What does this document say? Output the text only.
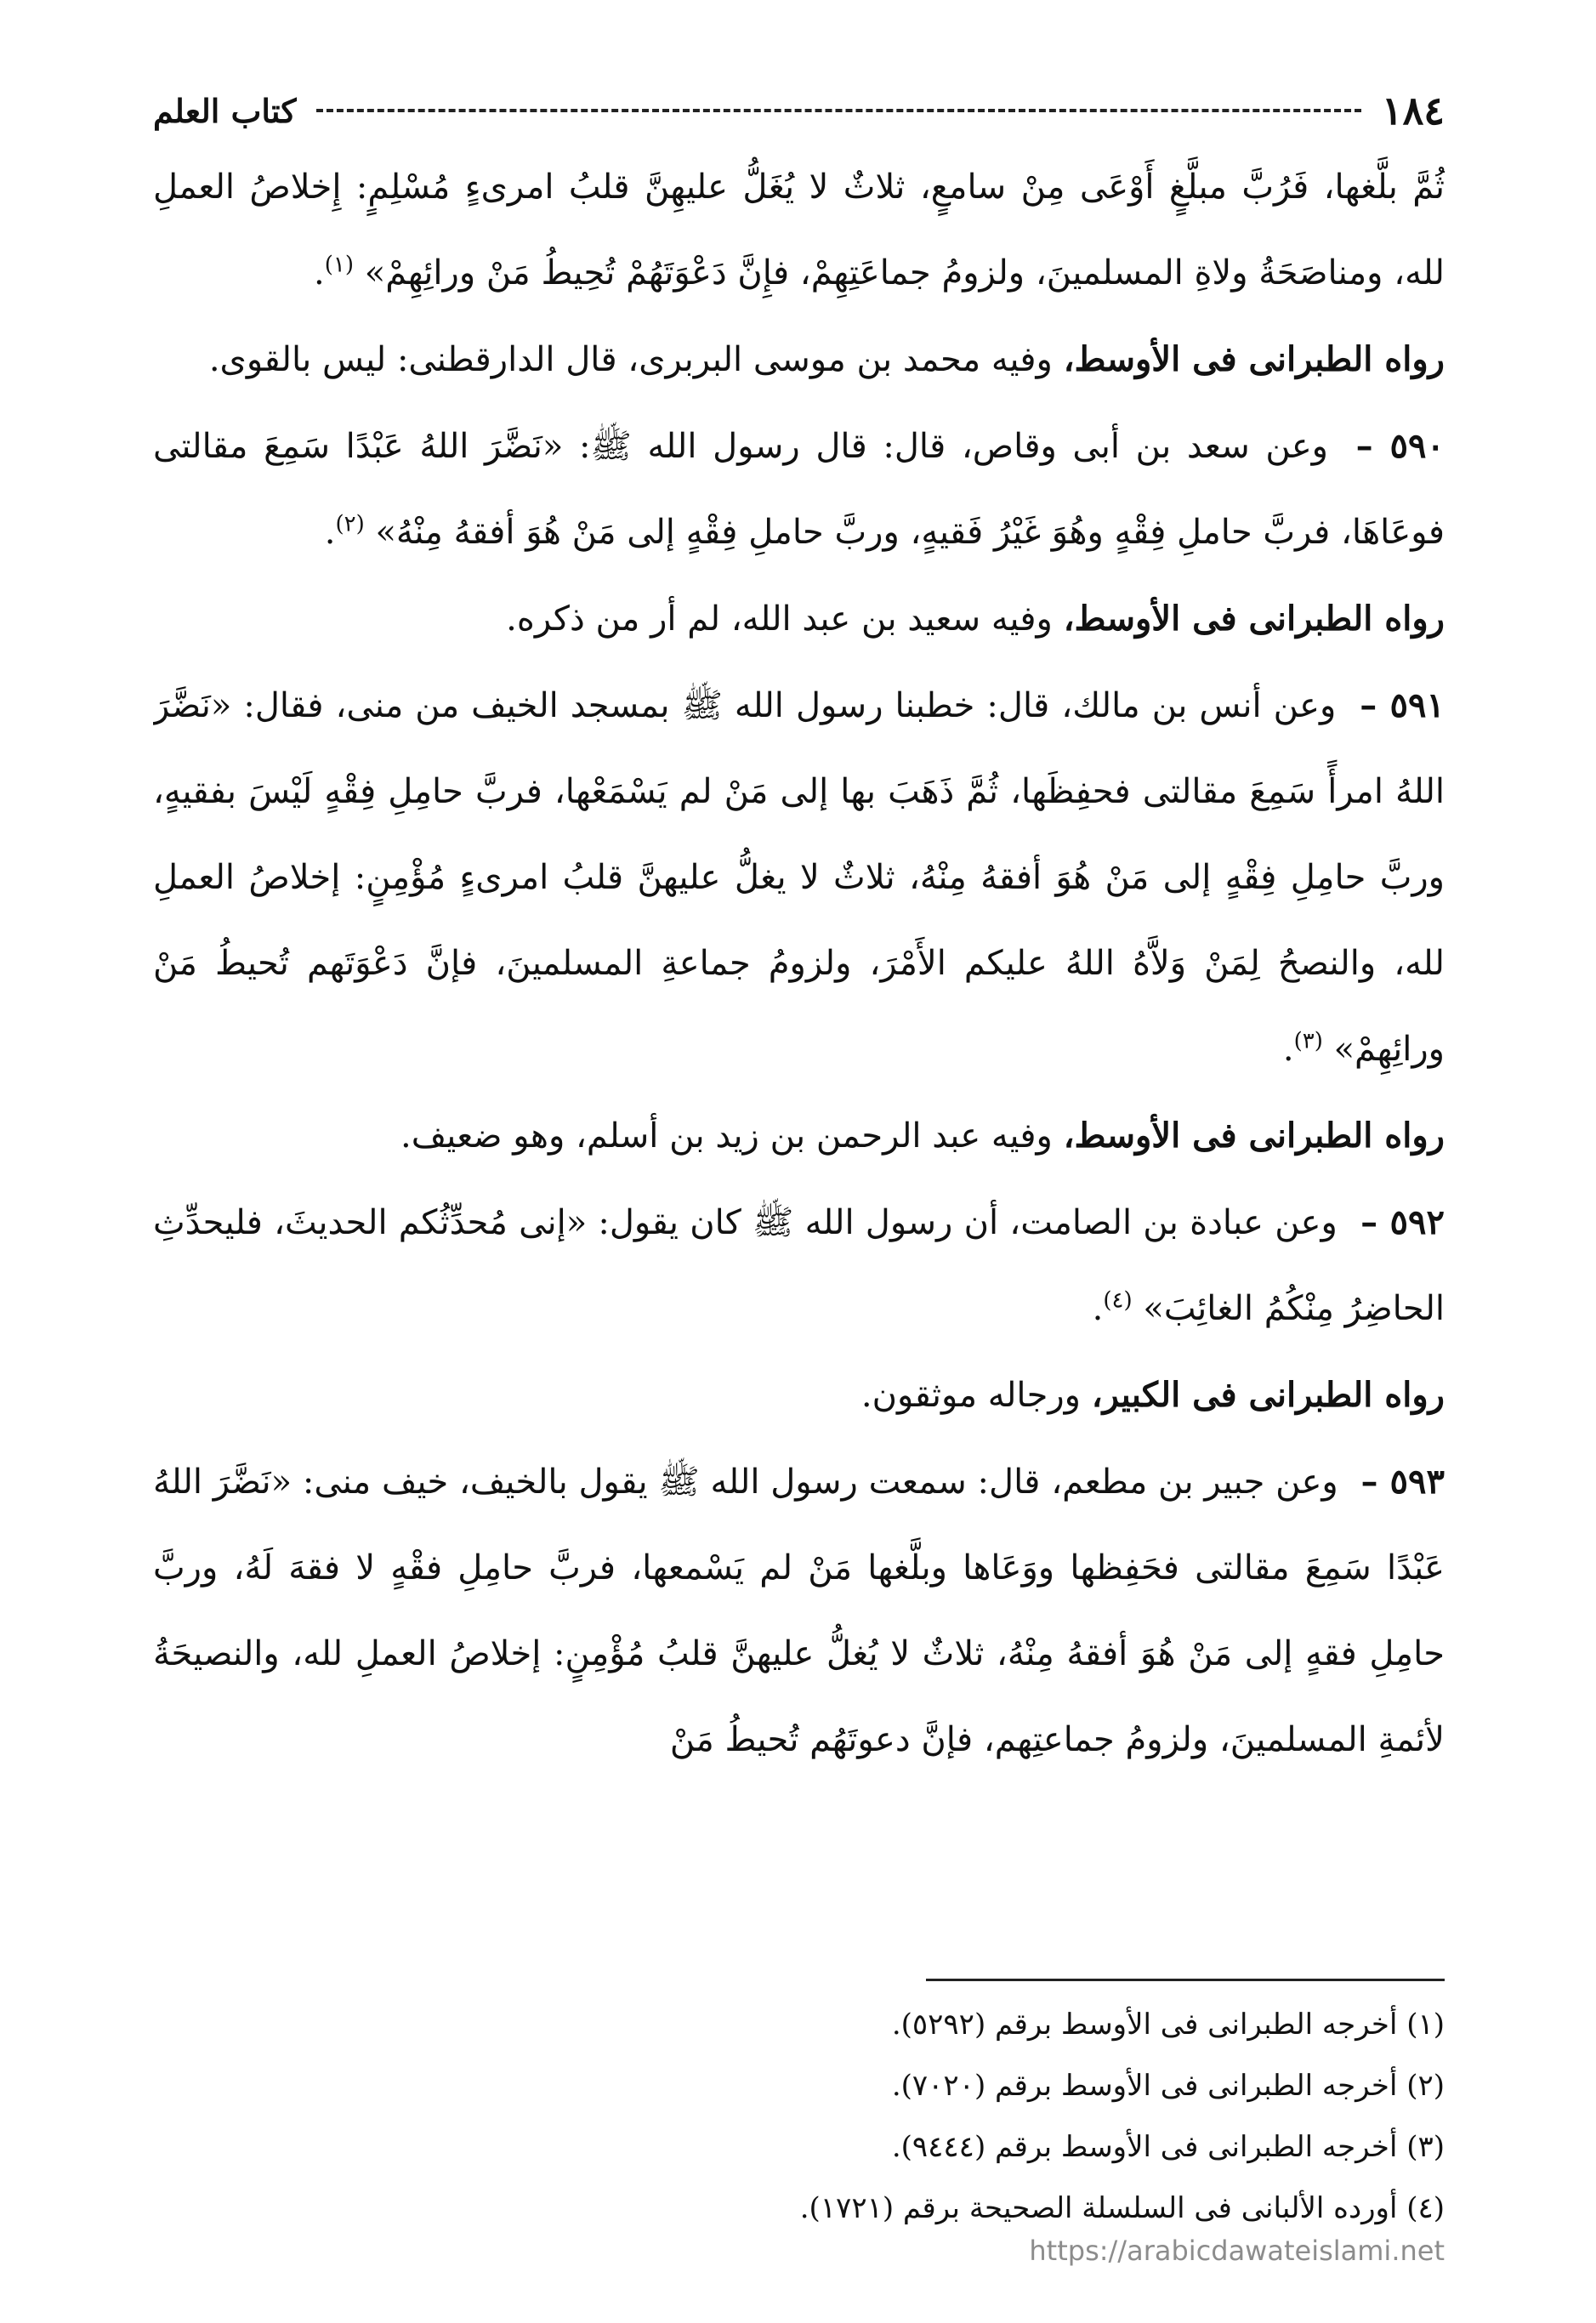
١٨٤
كتاب العلم

ثُمَّ بلَّغها، فَرُبَّ مبلَّغٍ أَوْعَى مِنْ سامعٍ، ثلاثٌ لا يُغَلُّ عليهِنَّ قلبُ امرىءٍ مُسْلِمٍ: إِخلاصُ العملِ لله، ومناصَحَةُ ولاةِ المسلمينَ، ولزومُ جماعَتِهِمْ، فإِنَّ دَعْوَتَهُمْ تُحِيطُ مَنْ ورائِهِمْ» $^{(١)}$.

رواه الطبرانى فى الأوسط، وفيه محمد بن موسى البربرى، قال الدارقطنى: ليس بالقوى.

٥٩٠ – وعن سعد بن أبى وقاص، قال: قال رسول الله ﷺ: «نَضَّرَ اللهُ عَبْدًا سَمِعَ مقالتى فوعَاهَا، فربَّ حاملِ فِقْهٍ وهُوَ غَيْرُ فَقيهٍ، وربَّ حاملِ فِقْهٍ إلى مَنْ هُوَ أفقهُ مِنْهُ» $^{(٢)}$.

رواه الطبرانى فى الأوسط، وفيه سعيد بن عبد الله، لم أر من ذكره.

٥٩١ – وعن أنس بن مالك، قال: خطبنا رسول الله ﷺ بمسجد الخيف من منى، فقال: «نَضَّرَ اللهُ امرأً سَمِعَ مقالتى فحفِظَها، ثُمَّ ذَهَبَ بها إلى مَنْ لم يَسْمَعْها، فربَّ حامِلِ فِقْهٍ لَيْسَ بفقيهٍ، وربَّ حامِلِ فِقْهٍ إلى مَنْ هُوَ أفقهُ مِنْهُ، ثلاثٌ لا يغلُّ عليهنَّ قلبُ امرىءٍ مُؤْمِنٍ: إخلاصُ العملِ لله، والنصحُ لِمَنْ وَلاَّهُ اللهُ عليكم الأَمْرَ، ولزومُ جماعةِ المسلمينَ، فإنَّ دَعْوَتَهم تُحيطُ مَنْ ورائِهِمْ» $^{(٣)}$.

رواه الطبرانى فى الأوسط، وفيه عبد الرحمن بن زيد بن أسلم، وهو ضعيف.

٥٩٢ – وعن عبادة بن الصامت، أن رسول الله ﷺ كان يقول: «إنى مُحدِّثُكم الحديثَ، فليحدِّثِ الحاضِرُ مِنْكُمُ الغائِبَ» $^{(٤)}$.

رواه الطبرانى فى الكبير، ورجاله موثقون.

٥٩٣ – وعن جبير بن مطعم، قال: سمعت رسول الله ﷺ يقول بالخيف، خيف منى: «نَضَّرَ اللهُ عَبْدًا سَمِعَ مقالتى فحَفِظها ووَعَاها وبلَّغها مَنْ لم يَسْمعها، فربَّ حامِلِ فقْهٍ لا فقهَ لَهُ، وربَّ حامِلِ فقهٍ إلى مَنْ هُوَ أفقهُ مِنْهُ، ثلاثٌ لا يُغلُّ عليهنَّ قلبُ مُؤْمِنٍ: إخلاصُ العملِ لله، والنصيحَةُ لأئمةِ المسلمينَ، ولزومُ جماعتِهم، فإنَّ دعوتَهُم تُحيطُ مَنْ

(١) أخرجه الطبرانى فى الأوسط برقم (٥٢٩٢).

(٢) أخرجه الطبرانى فى الأوسط برقم (٧٠٢٠).

(٣) أخرجه الطبرانى فى الأوسط برقم (٩٤٤٤).

(٤) أورده الألبانى فى السلسلة الصحيحة برقم (١٧٢١).

https://arabicdawateislami.net
